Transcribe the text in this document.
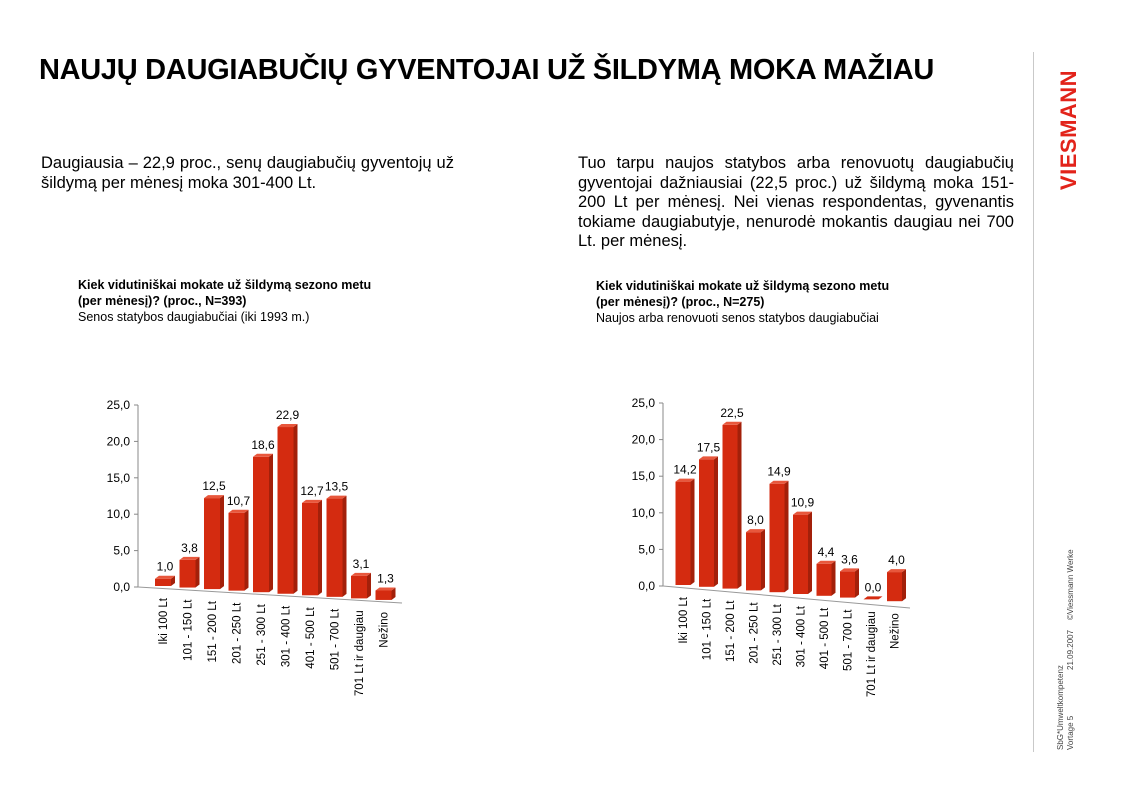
NAUJŲ DAUGIABUČIŲ GYVENTOJAI UŽ ŠILDYMĄ MOKA MAŽIAU
Daugiausia – 22,9 proc., senų daugiabučių gyventojų už šildymą per mėnesį moka 301-400 Lt.
Tuo tarpu naujos statybos arba renovuotų daugiabučių gyventojai dažniausiai (22,5 proc.) už šildymą moka 151-200 Lt per mėnesį. Nei vienas respondentas, gyvenantis tokiame daugiabutyje, nenurodė mokantis daugiau nei 700 Lt. per mėnesį.
Kiek vidutiniškai mokate už šildymą sezono metu
(per mėnesį)? (proc., N=393)
Senos statybos daugiabučiai (iki 1993 m.)
Kiek vidutiniškai mokate už šildymą sezono metu
(per mėnesį)? (proc., N=275)
Naujos arba renovuoti senos statybos daugiabučiai
0,0
5,0
10,0
15,0
20,0
25,0
1,0
Iki 100 Lt
3,8
101 - 150 Lt
12,5
151 - 200 Lt
10,7
201 - 250 Lt
18,6
251 - 300 Lt
22,9
301 - 400 Lt
12,7
401 - 500 Lt
13,5
501 - 700 Lt
3,1
701 Lt ir daugiau
1,3
Nežino
0,0
5,0
10,0
15,0
20,0
25,0
14,2
Iki 100 Lt
17,5
101 - 150 Lt
22,5
151 - 200 Lt
8,0
201 - 250 Lt
14,9
251 - 300 Lt
10,9
301 - 400 Lt
4,4
401 - 500 Lt
3,6
501 - 700 Lt
0,0
701 Lt ir daugiau
4,0
Nežino
VIESMANN
SbG*Umweltkompetenz
21.09.2007
©Viessmann Werke
Vortage 5
